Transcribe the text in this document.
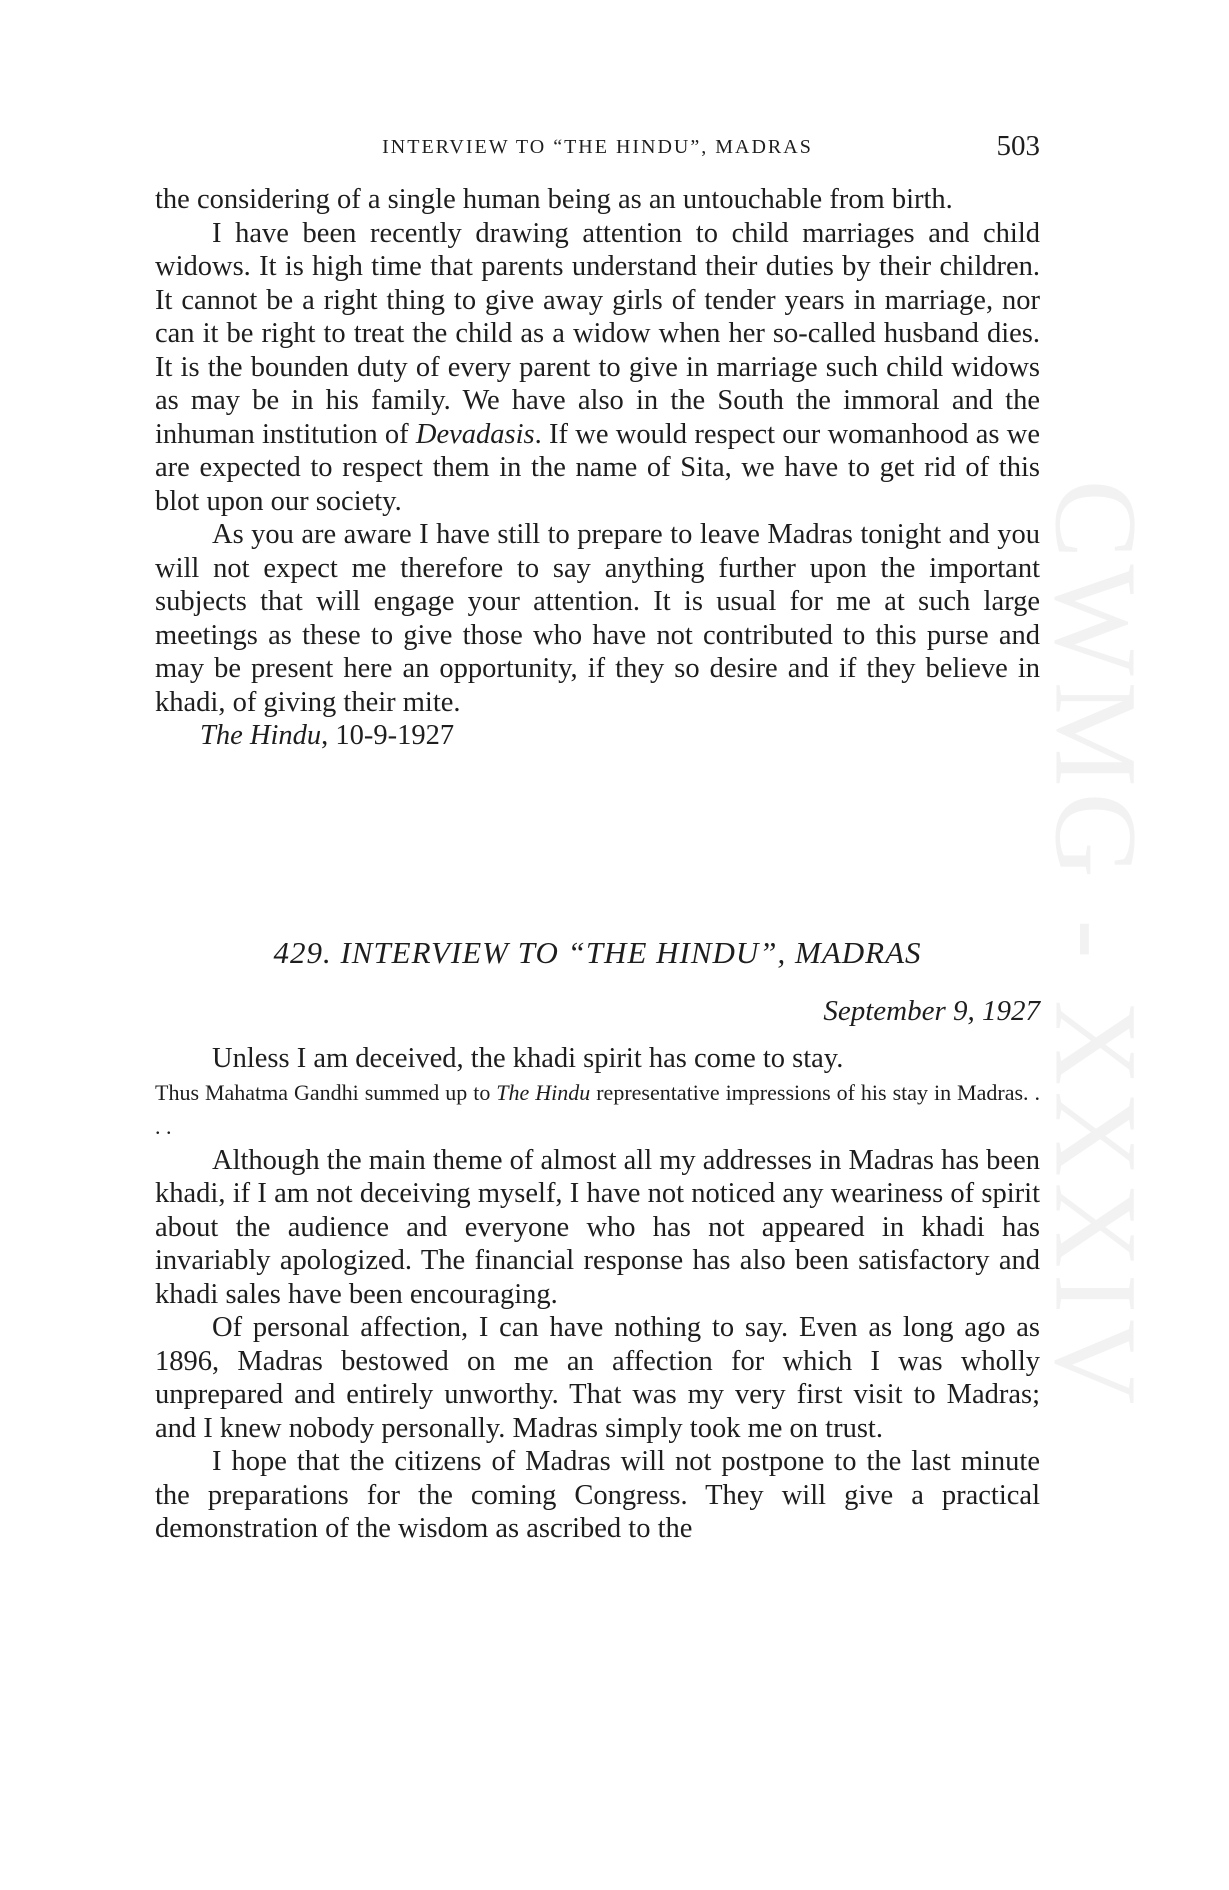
CWMG - XXXIV
INTERVIEW TO “THE HINDU”, MADRAS	503

the considering of a single human being as an untouchable from birth.

I have been recently drawing attention to child marriages and child widows. It is high time that parents understand their duties by their children. It cannot be a right thing to give away girls of tender years in marriage, nor can it be right to treat the child as a widow when her so-called husband dies. It is the bounden duty of every parent to give in marriage such child widows as may be in his family. We have also in the South the immoral and the inhuman institution of Devadasis. If we would respect our womanhood as we are expected to respect them in the name of Sita, we have to get rid of this blot upon our society.

As you are aware I have still to prepare to leave Madras tonight and you will not expect me therefore to say anything further upon the important subjects that will engage your attention. It is usual for me at such large meetings as these to give those who have not contributed to this purse and may be present here an opportunity, if they so desire and if they believe in khadi, of giving their mite.

The Hindu, 10-9-1927

429. INTERVIEW TO “THE HINDU”, MADRAS
September 9, 1927

Unless I am deceived, the khadi spirit has come to stay.

Thus Mahatma Gandhi summed up to The Hindu representative impressions of his stay in Madras. . . .

Although the main theme of almost all my addresses in Madras has been khadi, if I am not deceiving myself, I have not noticed any weariness of spirit about the audience and everyone who has not appeared in khadi has invariably apologized. The financial response has also been satisfactory and khadi sales have been encouraging.

Of personal affection, I can have nothing to say. Even as long ago as 1896, Madras bestowed on me an affection for which I was wholly unprepared and entirely unworthy. That was my very first visit to Madras; and I knew nobody personally. Madras simply took me on trust.

I hope that the citizens of Madras will not postpone to the last minute the preparations for the coming Congress. They will give a practical demonstration of the wisdom as ascribed to the
